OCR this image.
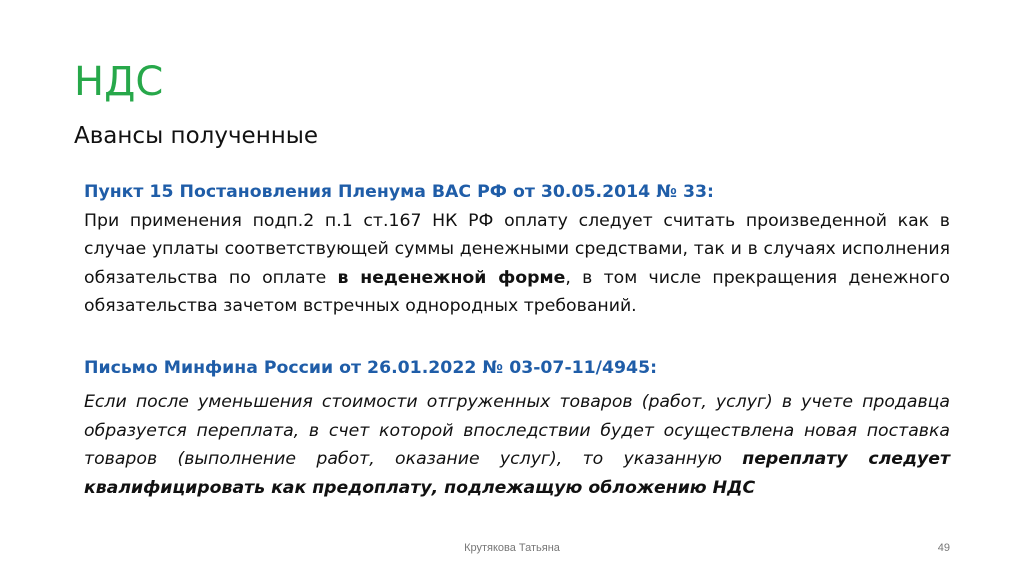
НДС
Авансы полученные

Пункт 15 Постановления Пленума ВАС РФ от 30.05.2014 № 33:

При применения подп.2 п.1 ст.167 НК РФ оплату следует считать произведенной как в случае уплаты соответствующей суммы денежными средствами, так и в случаях исполнения обязательства по оплате в неденежной форме, в том числе прекращения денежного обязательства зачетом встречных однородных требований.

Письмо Минфина России от 26.01.2022 № 03-07-11/4945:

Если после уменьшения стоимости отгруженных товаров (работ, услуг) в учете продавца образуется переплата, в счет которой впоследствии будет осуществлена новая поставка товаров (выполнение работ, оказание услуг), то указанную переплату следует квалифицировать как предоплату, подлежащую обложению НДС

Крутякова Татьяна	49
